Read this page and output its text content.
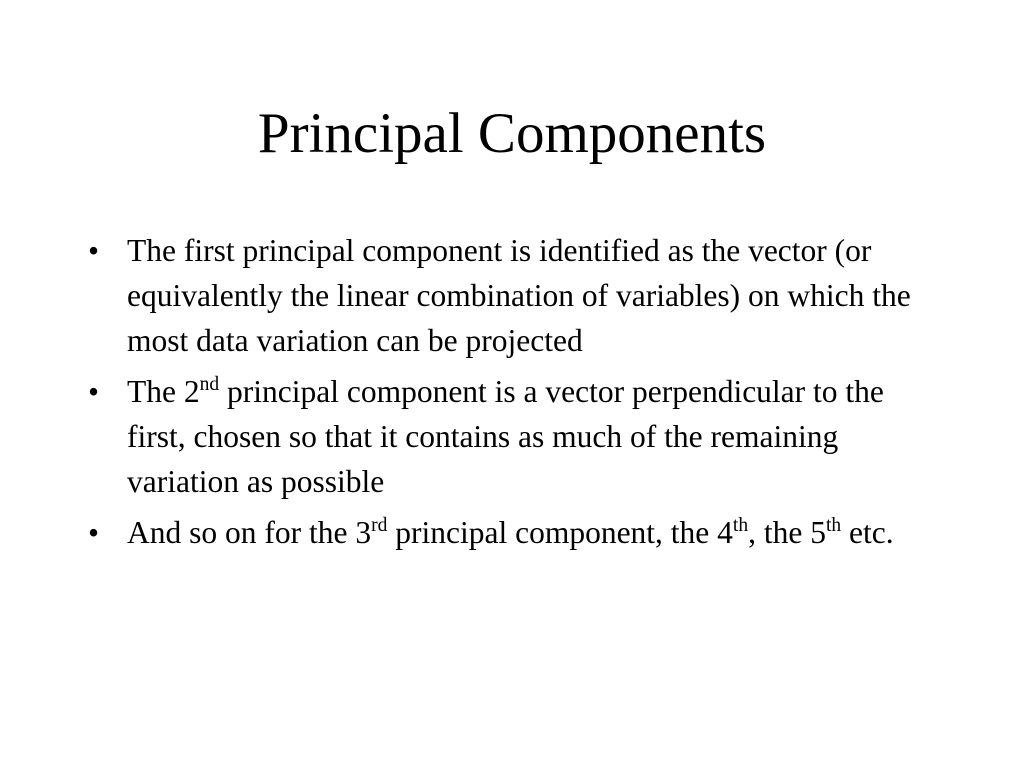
Principal Components
• The first principal component is identified as the vector (or equivalently the linear combination of variables) on which the most data variation can be projected
• The 2nd principal component is a vector perpendicular to the first, chosen so that it contains as much of the remaining variation as possible
• And so on for the 3rd principal component, the 4th, the 5th etc.
